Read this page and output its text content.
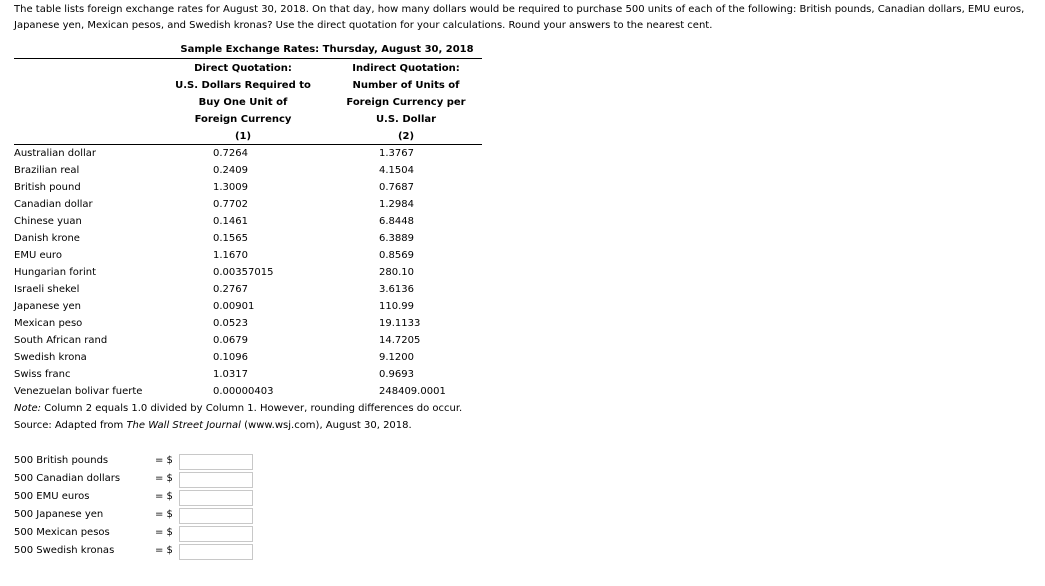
The table lists foreign exchange rates for August 30, 2018. On that day, how many dollars would be required to purchase 500 units of each of the following: British pounds, Canadian dollars, EMU euros, Japanese yen, Mexican pesos, and Swedish kronas? Use the direct quotation for your calculations. Round your answers to the nearest cent.
Sample Exchange Rates: Thursday, August 30, 2018
Direct Quotation:
U.S. Dollars Required to
Buy One Unit of
Foreign Currency
(1)
Indirect Quotation:
Number of Units of
Foreign Currency per
U.S. Dollar
(2)
Australian dollar	0.7264	1.3767
Brazilian real	0.2409	4.1504
British pound	1.3009	0.7687
Canadian dollar	0.7702	1.2984
Chinese yuan	0.1461	6.8448
Danish krone	0.1565	6.3889
EMU euro	1.1670	0.8569
Hungarian forint	0.00357015	280.10
Israeli shekel	0.2767	3.6136
Japanese yen	0.00901	110.99
Mexican peso	0.0523	19.1133
South African rand	0.0679	14.7205
Swedish krona	0.1096	9.1200
Swiss franc	1.0317	0.9693
Venezuelan bolivar fuerte	0.00000403	248409.0001
Note: Column 2 equals 1.0 divided by Column 1. However, rounding differences do occur.
Source: Adapted from The Wall Street Journal (www.wsj.com), August 30, 2018.
500 British pounds	= $
500 Canadian dollars	= $
500 EMU euros	= $
500 Japanese yen	= $
500 Mexican pesos	= $
500 Swedish kronas	= $
